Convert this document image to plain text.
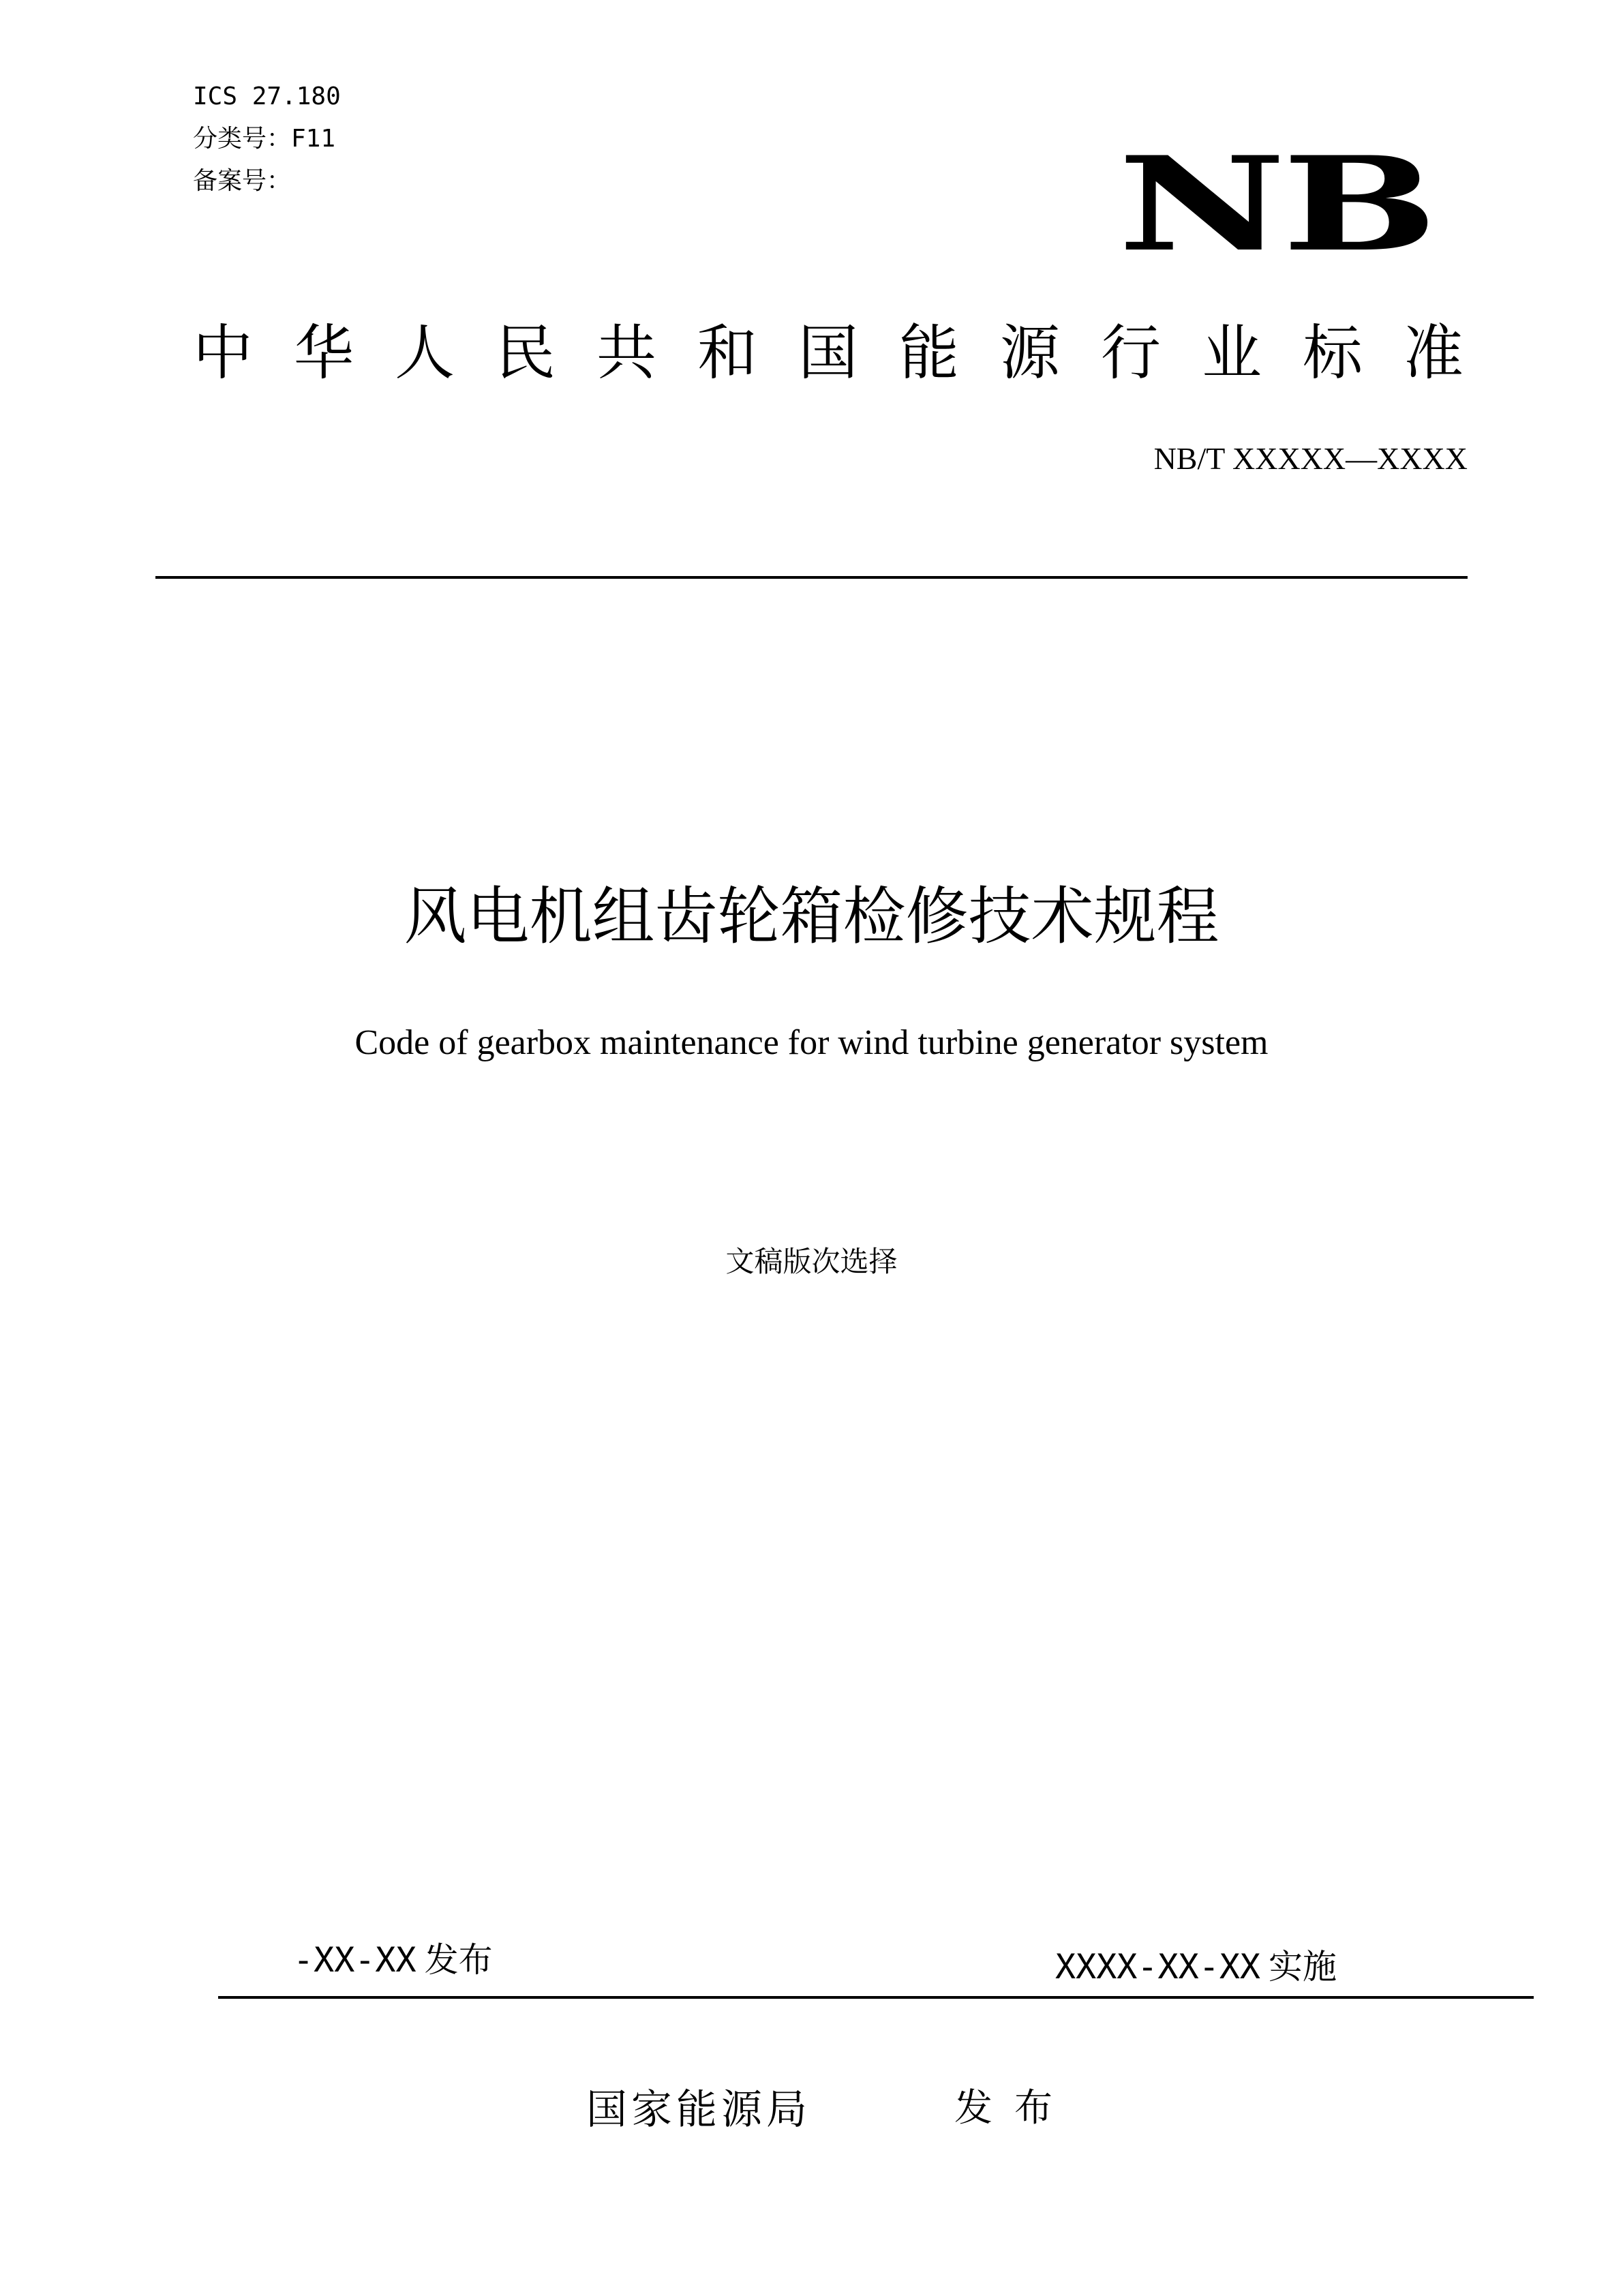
ICS 27.180
分类号：F11
备案号：	NB
中华人民共和国能源行业标准
NB/T XXXXX—XXXX
风电机组齿轮箱检修技术规程
Code of gearbox maintenance for wind turbine generator system
文稿版次选择
-XX-XX 发布	XXXX-XX-XX 实施
国家能源局	发布
